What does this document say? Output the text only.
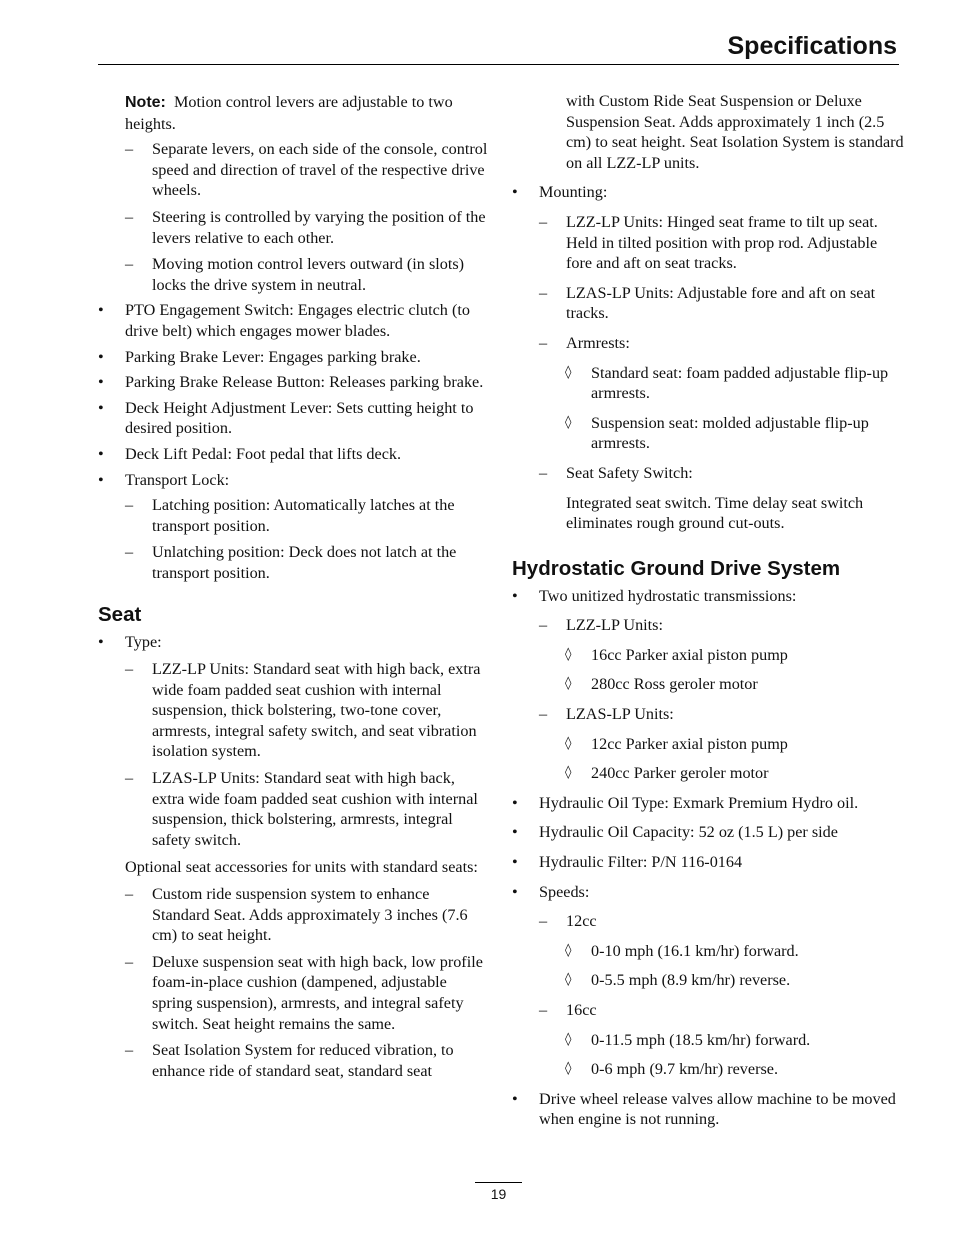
Specifications

Note: Motion control levers are adjustable to two heights.

– Separate levers, on each side of the console, control speed and direction of travel of the respective drive wheels.

– Steering is controlled by varying the position of the levers relative to each other.

– Moving motion control levers outward (in slots) locks the drive system in neutral.

• PTO Engagement Switch: Engages electric clutch (to drive belt) which engages mower blades.

• Parking Brake Lever: Engages parking brake.

• Parking Brake Release Button: Releases parking brake.

• Deck Height Adjustment Lever: Sets cutting height to desired position.

• Deck Lift Pedal: Foot pedal that lifts deck.

• Transport Lock:

– Latching position: Automatically latches at the transport position.

– Unlatching position: Deck does not latch at the transport position.

Seat

• Type:

– LZZ-LP Units: Standard seat with high back, extra wide foam padded seat cushion with internal suspension, thick bolstering, two-tone cover, armrests, integral safety switch, and seat vibration isolation system.

– LZAS-LP Units: Standard seat with high back, extra wide foam padded seat cushion with internal suspension, thick bolstering, armrests, integral safety switch.

Optional seat accessories for units with standard seats:

– Custom ride suspension system to enhance Standard Seat. Adds approximately 3 inches (7.6 cm) to seat height.

– Deluxe suspension seat with high back, low profile foam-in-place cushion (dampened, adjustable spring suspension), armrests, and integral safety switch. Seat height remains the same.

– Seat Isolation System for reduced vibration, to enhance ride of standard seat, standard seat

with Custom Ride Seat Suspension or Deluxe Suspension Seat. Adds approximately 1 inch (2.5 cm) to seat height. Seat Isolation System is standard on all LZZ-LP units.

• Mounting:

– LZZ-LP Units: Hinged seat frame to tilt up seat. Held in tilted position with prop rod. Adjustable fore and aft on seat tracks.

– LZAS-LP Units: Adjustable fore and aft on seat tracks.

– Armrests:

◊ Standard seat: foam padded adjustable flip-up armrests.

◊ Suspension seat: molded adjustable flip-up armrests.

– Seat Safety Switch:

Integrated seat switch. Time delay seat switch eliminates rough ground cut-outs.

Hydrostatic Ground Drive System

• Two unitized hydrostatic transmissions:

– LZZ-LP Units:

◊ 16cc Parker axial piston pump

◊ 280cc Ross geroler motor

– LZAS-LP Units:

◊ 12cc Parker axial piston pump

◊ 240cc Parker geroler motor

• Hydraulic Oil Type: Exmark Premium Hydro oil.

• Hydraulic Oil Capacity: 52 oz (1.5 L) per side

• Hydraulic Filter: P/N 116-0164

• Speeds:

– 12cc

◊ 0-10 mph (16.1 km/hr) forward.

◊ 0-5.5 mph (8.9 km/hr) reverse.

– 16cc

◊ 0-11.5 mph (18.5 km/hr) forward.

◊ 0-6 mph (9.7 km/hr) reverse.

• Drive wheel release valves allow machine to be moved when engine is not running.

19
